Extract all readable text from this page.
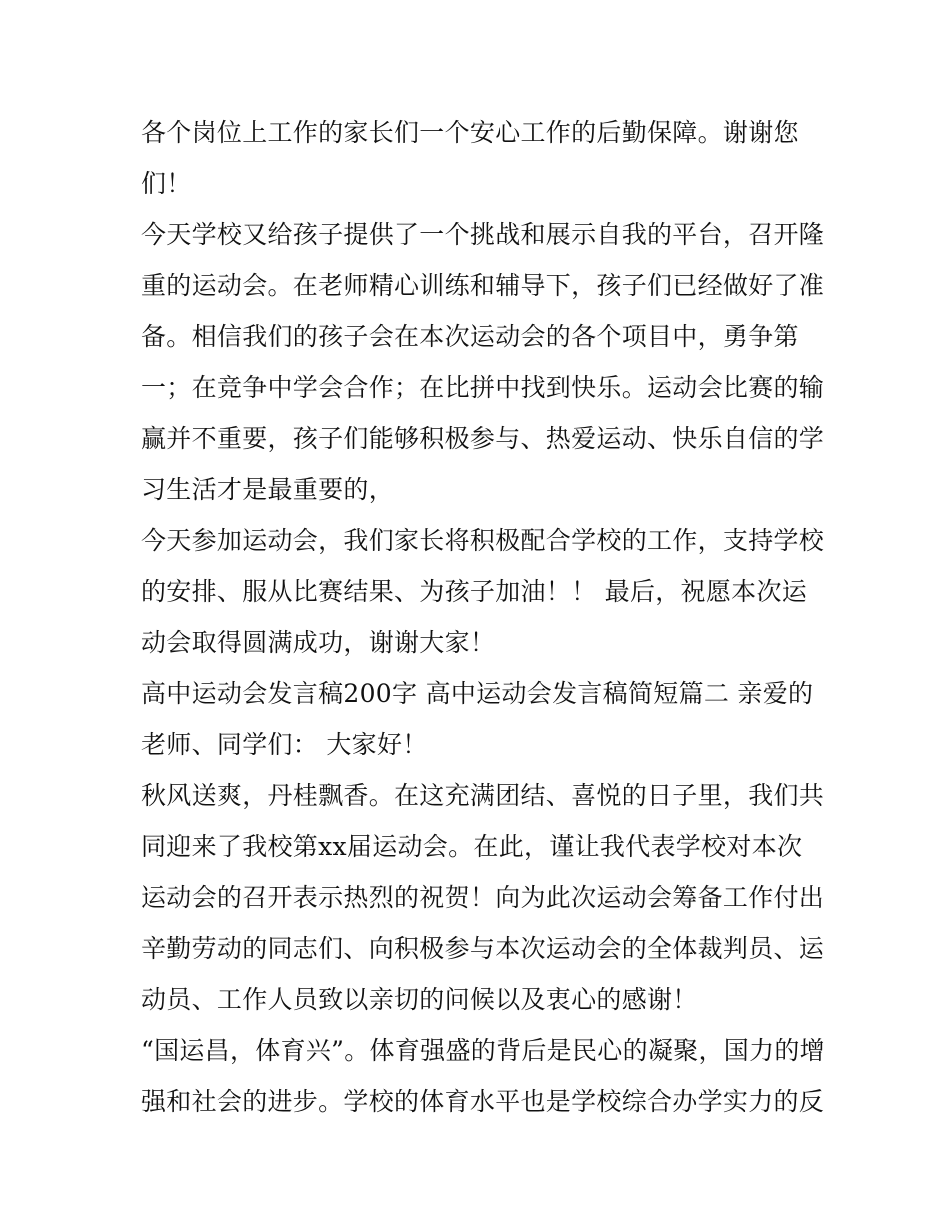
各个岗位上工作的家长们一个安心工作的后勤保障。谢谢您
们！
今天学校又给孩子提供了一个挑战和展示自我的平台，召开隆
重的运动会。在老师精心训练和辅导下，孩子们已经做好了准
备。相信我们的孩子会在本次运动会的各个项目中，勇争第
一；在竞争中学会合作；在比拼中找到快乐。运动会比赛的输
赢并不重要，孩子们能够积极参与、热爱运动、快乐自信的学
习生活才是最重要的，
今天参加运动会，我们家长将积极配合学校的工作，支持学校
的安排、服从比赛结果、为孩子加油！！ 最后，祝愿本次运
动会取得圆满成功，谢谢大家！
高中运动会发言稿200字 高中运动会发言稿简短篇二 亲爱的
老师、同学们： 大家好！
秋风送爽，丹桂飘香。在这充满团结、喜悦的日子里，我们共
同迎来了我校第xx届运动会。在此，谨让我代表学校对本次
运动会的召开表示热烈的祝贺！向为此次运动会筹备工作付出
辛勤劳动的同志们、向积极参与本次运动会的全体裁判员、运
动员、工作人员致以亲切的问候以及衷心的感谢！
“国运昌，体育兴”。体育强盛的背后是民心的凝聚，国力的增
强和社会的进步。学校的体育水平也是学校综合办学实力的反
